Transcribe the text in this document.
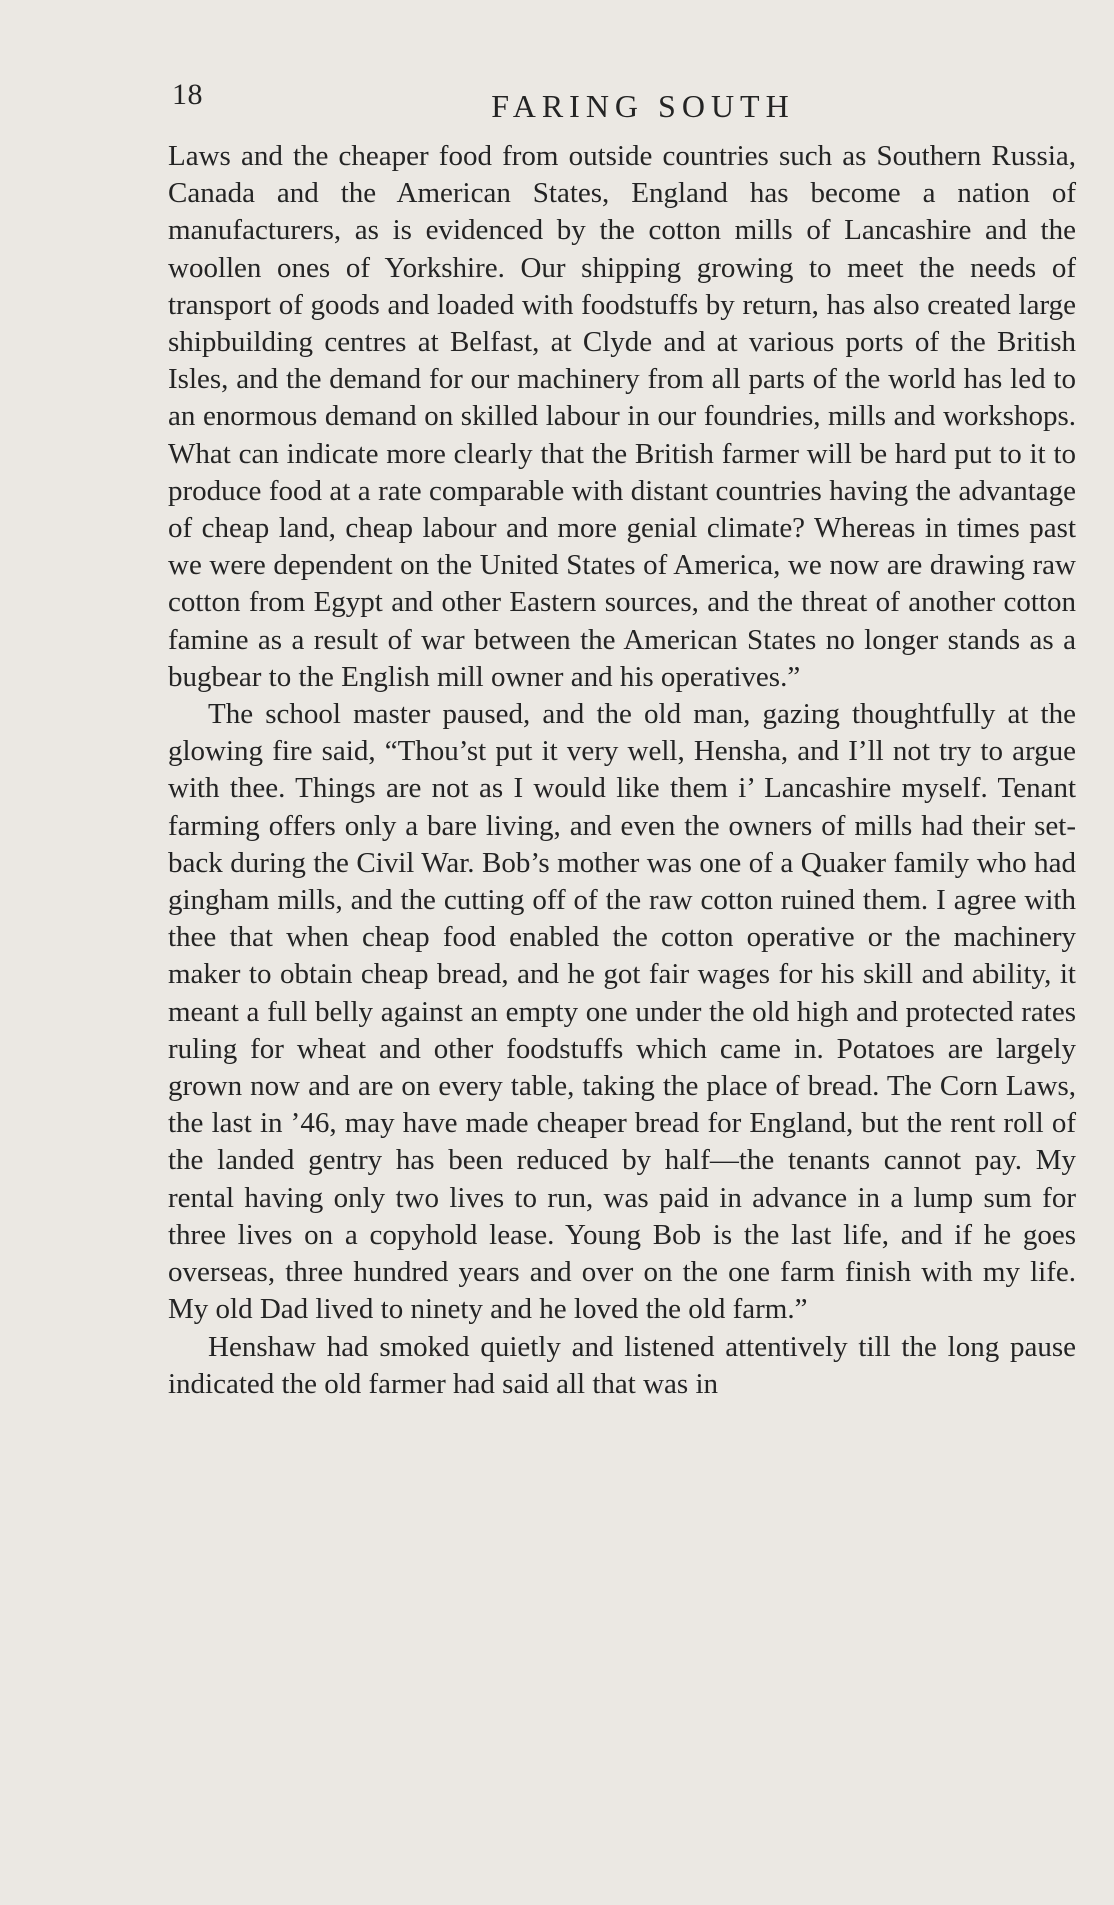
18	FARING SOUTH

Laws and the cheaper food from outside countries such as Southern Russia, Canada and the American States, England has become a nation of manufacturers, as is evidenced by the cotton mills of Lancashire and the woollen ones of Yorkshire. Our shipping growing to meet the needs of transport of goods and loaded with foodstuffs by return, has also created large shipbuilding centres at Belfast, at Clyde and at various ports of the British Isles, and the demand for our machinery from all parts of the world has led to an enormous demand on skilled labour in our foundries, mills and workshops. What can indicate more clearly that the British farmer will be hard put to it to produce food at a rate comparable with distant countries having the advantage of cheap land, cheap labour and more genial climate? Whereas in times past we were dependent on the United States of America, we now are drawing raw cotton from Egypt and other Eastern sources, and the threat of another cotton famine as a result of war between the American States no longer stands as a bugbear to the English mill owner and his operatives.”

The school master paused, and the old man, gazing thoughtfully at the glowing fire said, “Thou’st put it very well, Hensha, and I’ll not try to argue with thee. Things are not as I would like them i’ Lancashire myself. Tenant farming offers only a bare living, and even the owners of mills had their set-back during the Civil War. Bob’s mother was one of a Quaker family who had gingham mills, and the cutting off of the raw cotton ruined them. I agree with thee that when cheap food enabled the cotton operative or the machinery maker to obtain cheap bread, and he got fair wages for his skill and ability, it meant a full belly against an empty one under the old high and protected rates ruling for wheat and other foodstuffs which came in. Potatoes are largely grown now and are on every table, taking the place of bread. The Corn Laws, the last in ’46, may have made cheaper bread for England, but the rent roll of the landed gentry has been reduced by half—the tenants cannot pay. My rental having only two lives to run, was paid in advance in a lump sum for three lives on a copyhold lease. Young Bob is the last life, and if he goes overseas, three hundred years and over on the one farm finish with my life. My old Dad lived to ninety and he loved the old farm.”

Henshaw had smoked quietly and listened attentively till the long pause indicated the old farmer had said all that was in
